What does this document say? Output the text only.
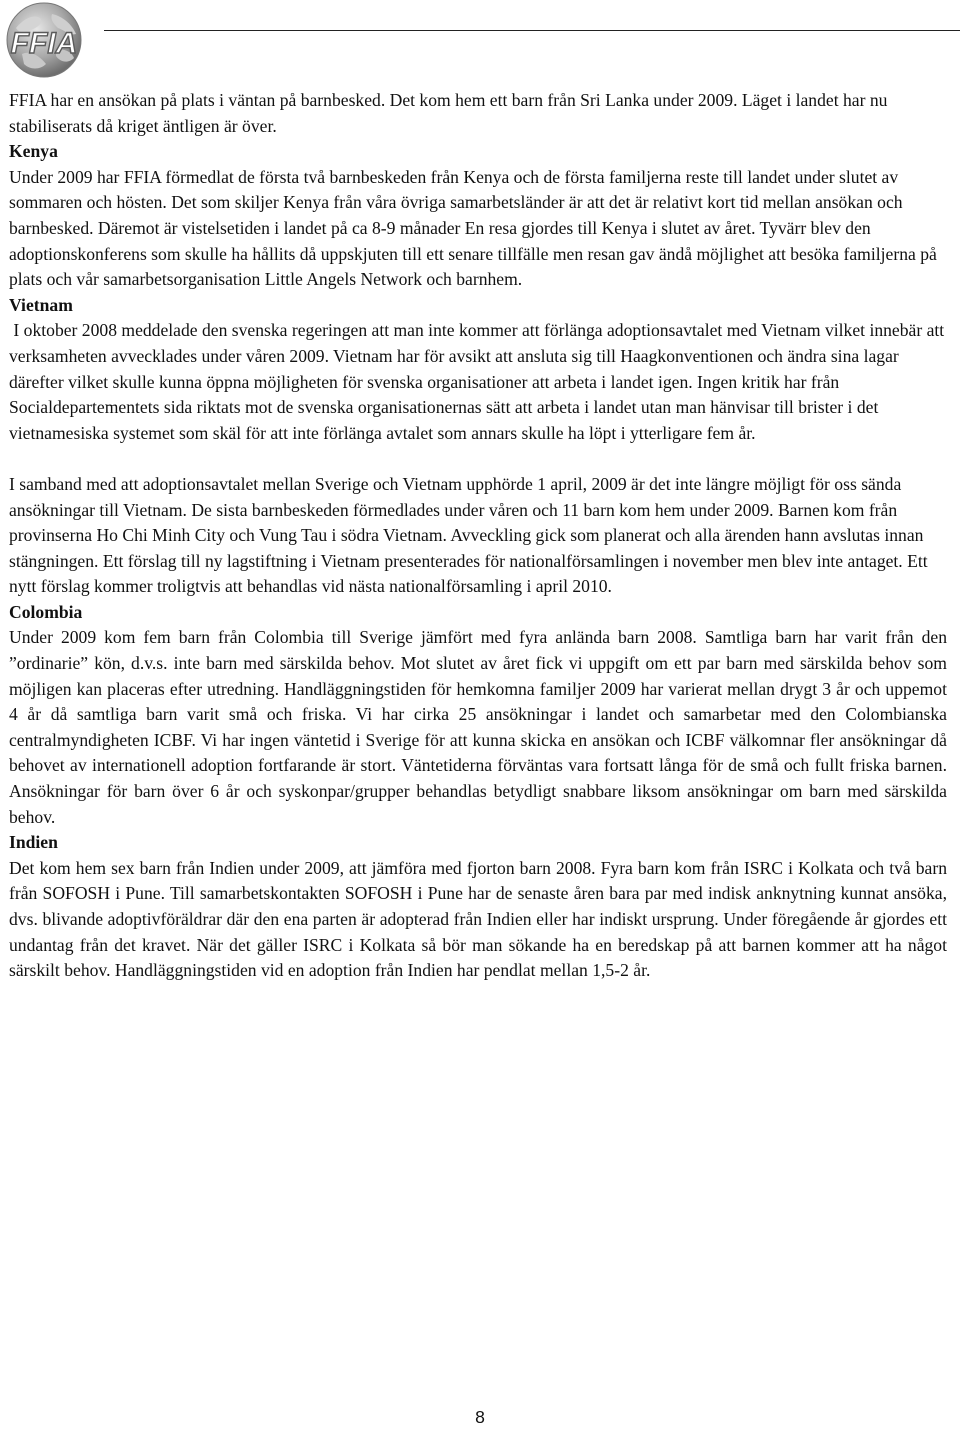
FFIA

FFIA har en ansökan på plats i väntan på barnbesked. Det kom hem ett barn från Sri Lanka under 2009. Läget i landet har nu stabiliserats då kriget äntligen är över.

Kenya

Under 2009 har FFIA förmedlat de första två barnbeskeden från Kenya och de första familjerna reste till landet under slutet av sommaren och hösten. Det som skiljer Kenya från våra övriga samarbetsländer är att det är relativt kort tid mellan ansökan och barnbesked. Däremot är vistelsetiden i landet på ca 8-9 månader En resa gjordes till Kenya i slutet av året. Tyvärr blev den adoptionskonferens som skulle ha hållits då uppskjuten till ett senare tillfälle men resan gav ändå möjlighet att besöka familjerna på plats och vår samarbetsorganisation Little Angels Network och barnhem.

Vietnam

I oktober 2008 meddelade den svenska regeringen att man inte kommer att förlänga adoptionsavtalet med Vietnam vilket innebär att verksamheten avvecklades under våren 2009. Vietnam har för avsikt att ansluta sig till Haagkonventionen och ändra sina lagar därefter vilket skulle kunna öppna möjligheten för svenska organisationer att arbeta i landet igen. Ingen kritik har från Socialdepartementets sida riktats mot de svenska organisationernas sätt att arbeta i landet utan man hänvisar till brister i det vietnamesiska systemet som skäl för att inte förlänga avtalet som annars skulle ha löpt i ytterligare fem år.

I samband med att adoptionsavtalet mellan Sverige och Vietnam upphörde 1 april, 2009 är det inte längre möjligt för oss sända ansökningar till Vietnam. De sista barnbeskeden förmedlades under våren och 11 barn kom hem under 2009. Barnen kom från provinserna Ho Chi Minh City och Vung Tau i södra Vietnam. Avveckling gick som planerat och alla ärenden hann avslutas innan stängningen. Ett förslag till ny lagstiftning i Vietnam presenterades för nationalförsamlingen i november men blev inte antaget. Ett nytt förslag kommer troligtvis att behandlas vid nästa nationalförsamling i april 2010.

Colombia

Under 2009 kom fem barn från Colombia till Sverige jämfört med fyra anlända barn 2008. Samtliga barn har varit från den ”ordinarie” kön, d.v.s. inte barn med särskilda behov. Mot slutet av året fick vi uppgift om ett par barn med särskilda behov som möjligen kan placeras efter utredning. Handläggningstiden för hemkomna familjer 2009 har varierat mellan drygt 3 år och uppemot 4 år då samtliga barn varit små och friska. Vi har cirka 25 ansökningar i landet och samarbetar med den Colombianska centralmyndigheten ICBF. Vi har ingen väntetid i Sverige för att kunna skicka en ansökan och ICBF välkomnar fler ansökningar då behovet av internationell adoption fortfarande är stort. Väntetiderna förväntas vara fortsatt långa för de små och fullt friska barnen. Ansökningar för barn över 6 år och syskonpar/grupper behandlas betydligt snabbare liksom ansökningar om barn med särskilda behov.

Indien

Det kom hem sex barn från Indien under 2009, att jämföra med fjorton barn 2008. Fyra barn kom från ISRC i Kolkata och två barn från SOFOSH i Pune. Till samarbetskontakten SOFOSH i Pune har de senaste åren bara par med indisk anknytning kunnat ansöka, dvs. blivande adoptivföräldrar där den ena parten är adopterad från Indien eller har indiskt ursprung. Under föregående år gjordes ett undantag från det kravet. När det gäller ISRC i Kolkata så bör man sökande ha en beredskap på att barnen kommer att ha något särskilt behov. Handläggningstiden vid en adoption från Indien har pendlat mellan 1,5-2 år.

8
